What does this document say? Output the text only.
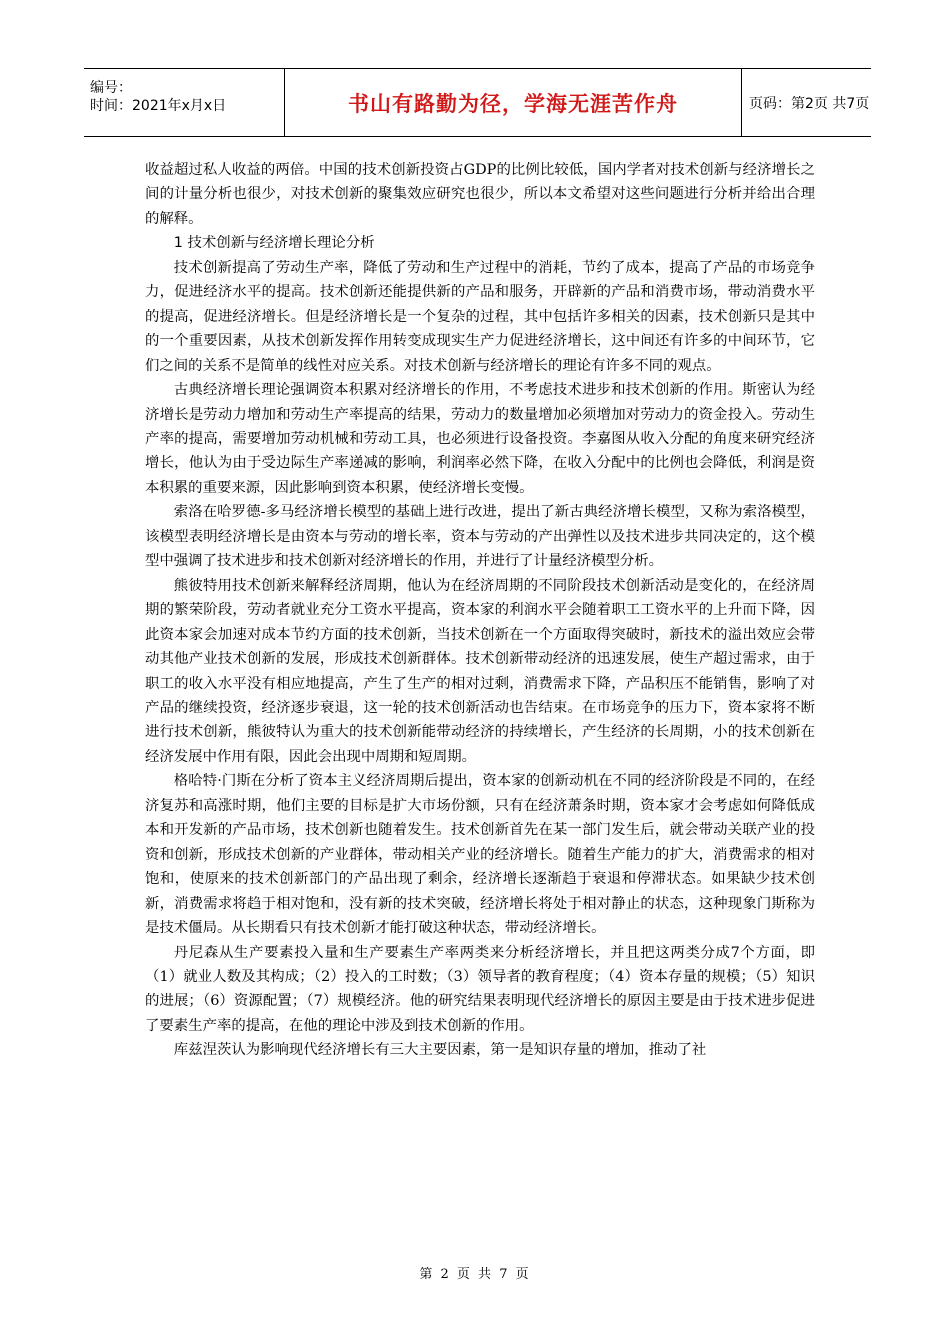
编号：
时间：2021年x月x日	书山有路勤为径，学海无涯苦作舟	页码：第2页 共7页

收益超过私人收益的两倍。中国的技术创新投资占GDP的比例比较低，国内学者对技术创新与经济增长之间的计量分析也很少，对技术创新的聚集效应研究也很少，所以本文希望对这些问题进行分析并给出合理的解释。

1 技术创新与经济增长理论分析

技术创新提高了劳动生产率，降低了劳动和生产过程中的消耗，节约了成本，提高了产品的市场竞争力，促进经济水平的提高。技术创新还能提供新的产品和服务，开辟新的产品和消费市场，带动消费水平的提高，促进经济增长。但是经济增长是一个复杂的过程，其中包括许多相关的因素，技术创新只是其中的一个重要因素，从技术创新发挥作用转变成现实生产力促进经济增长，这中间还有许多的中间环节，它们之间的关系不是简单的线性对应关系。对技术创新与经济增长的理论有许多不同的观点。

古典经济增长理论强调资本积累对经济增长的作用，不考虑技术进步和技术创新的作用。斯密认为经济增长是劳动力增加和劳动生产率提高的结果，劳动力的数量增加必须增加对劳动力的资金投入。劳动生产率的提高，需要增加劳动机械和劳动工具，也必须进行设备投资。李嘉图从收入分配的角度来研究经济增长，他认为由于受边际生产率递减的影响，利润率必然下降，在收入分配中的比例也会降低，利润是资本积累的重要来源，因此影响到资本积累，使经济增长变慢。

索洛在哈罗德-多马经济增长模型的基础上进行改进，提出了新古典经济增长模型，又称为索洛模型，该模型表明经济增长是由资本与劳动的增长率，资本与劳动的产出弹性以及技术进步共同决定的，这个模型中强调了技术进步和技术创新对经济增长的作用，并进行了计量经济模型分析。

熊彼特用技术创新来解释经济周期，他认为在经济周期的不同阶段技术创新活动是变化的，在经济周期的繁荣阶段，劳动者就业充分工资水平提高，资本家的利润水平会随着职工工资水平的上升而下降，因此资本家会加速对成本节约方面的技术创新，当技术创新在一个方面取得突破时，新技术的溢出效应会带动其他产业技术创新的发展，形成技术创新群体。技术创新带动经济的迅速发展，使生产超过需求，由于职工的收入水平没有相应地提高，产生了生产的相对过剩，消费需求下降，产品积压不能销售，影响了对产品的继续投资，经济逐步衰退，这一轮的技术创新活动也告结束。在市场竞争的压力下，资本家将不断进行技术创新，熊彼特认为重大的技术创新能带动经济的持续增长，产生经济的长周期，小的技术创新在经济发展中作用有限，因此会出现中周期和短周期。

格哈特·门斯在分析了资本主义经济周期后提出，资本家的创新动机在不同的经济阶段是不同的，在经济复苏和高涨时期，他们主要的目标是扩大市场份额，只有在经济萧条时期，资本家才会考虑如何降低成本和开发新的产品市场，技术创新也随着发生。技术创新首先在某一部门发生后，就会带动关联产业的投资和创新，形成技术创新的产业群体，带动相关产业的经济增长。随着生产能力的扩大，消费需求的相对饱和，使原来的技术创新部门的产品出现了剩余，经济增长逐渐趋于衰退和停滞状态。如果缺少技术创新，消费需求将趋于相对饱和，没有新的技术突破，经济增长将处于相对静止的状态，这种现象门斯称为是技术僵局。从长期看只有技术创新才能打破这种状态，带动经济增长。

丹尼森从生产要素投入量和生产要素生产率两类来分析经济增长，并且把这两类分成7个方面，即（1）就业人数及其构成；（2）投入的工时数；（3）领导者的教育程度；（4）资本存量的规模；（5）知识的进展；（6）资源配置；（7）规模经济。他的研究结果表明现代经济增长的原因主要是由于技术进步促进了要素生产率的提高，在他的理论中涉及到技术创新的作用。

库兹涅茨认为影响现代经济增长有三大主要因素，第一是知识存量的增加，推动了社

第 2 页 共 7 页
